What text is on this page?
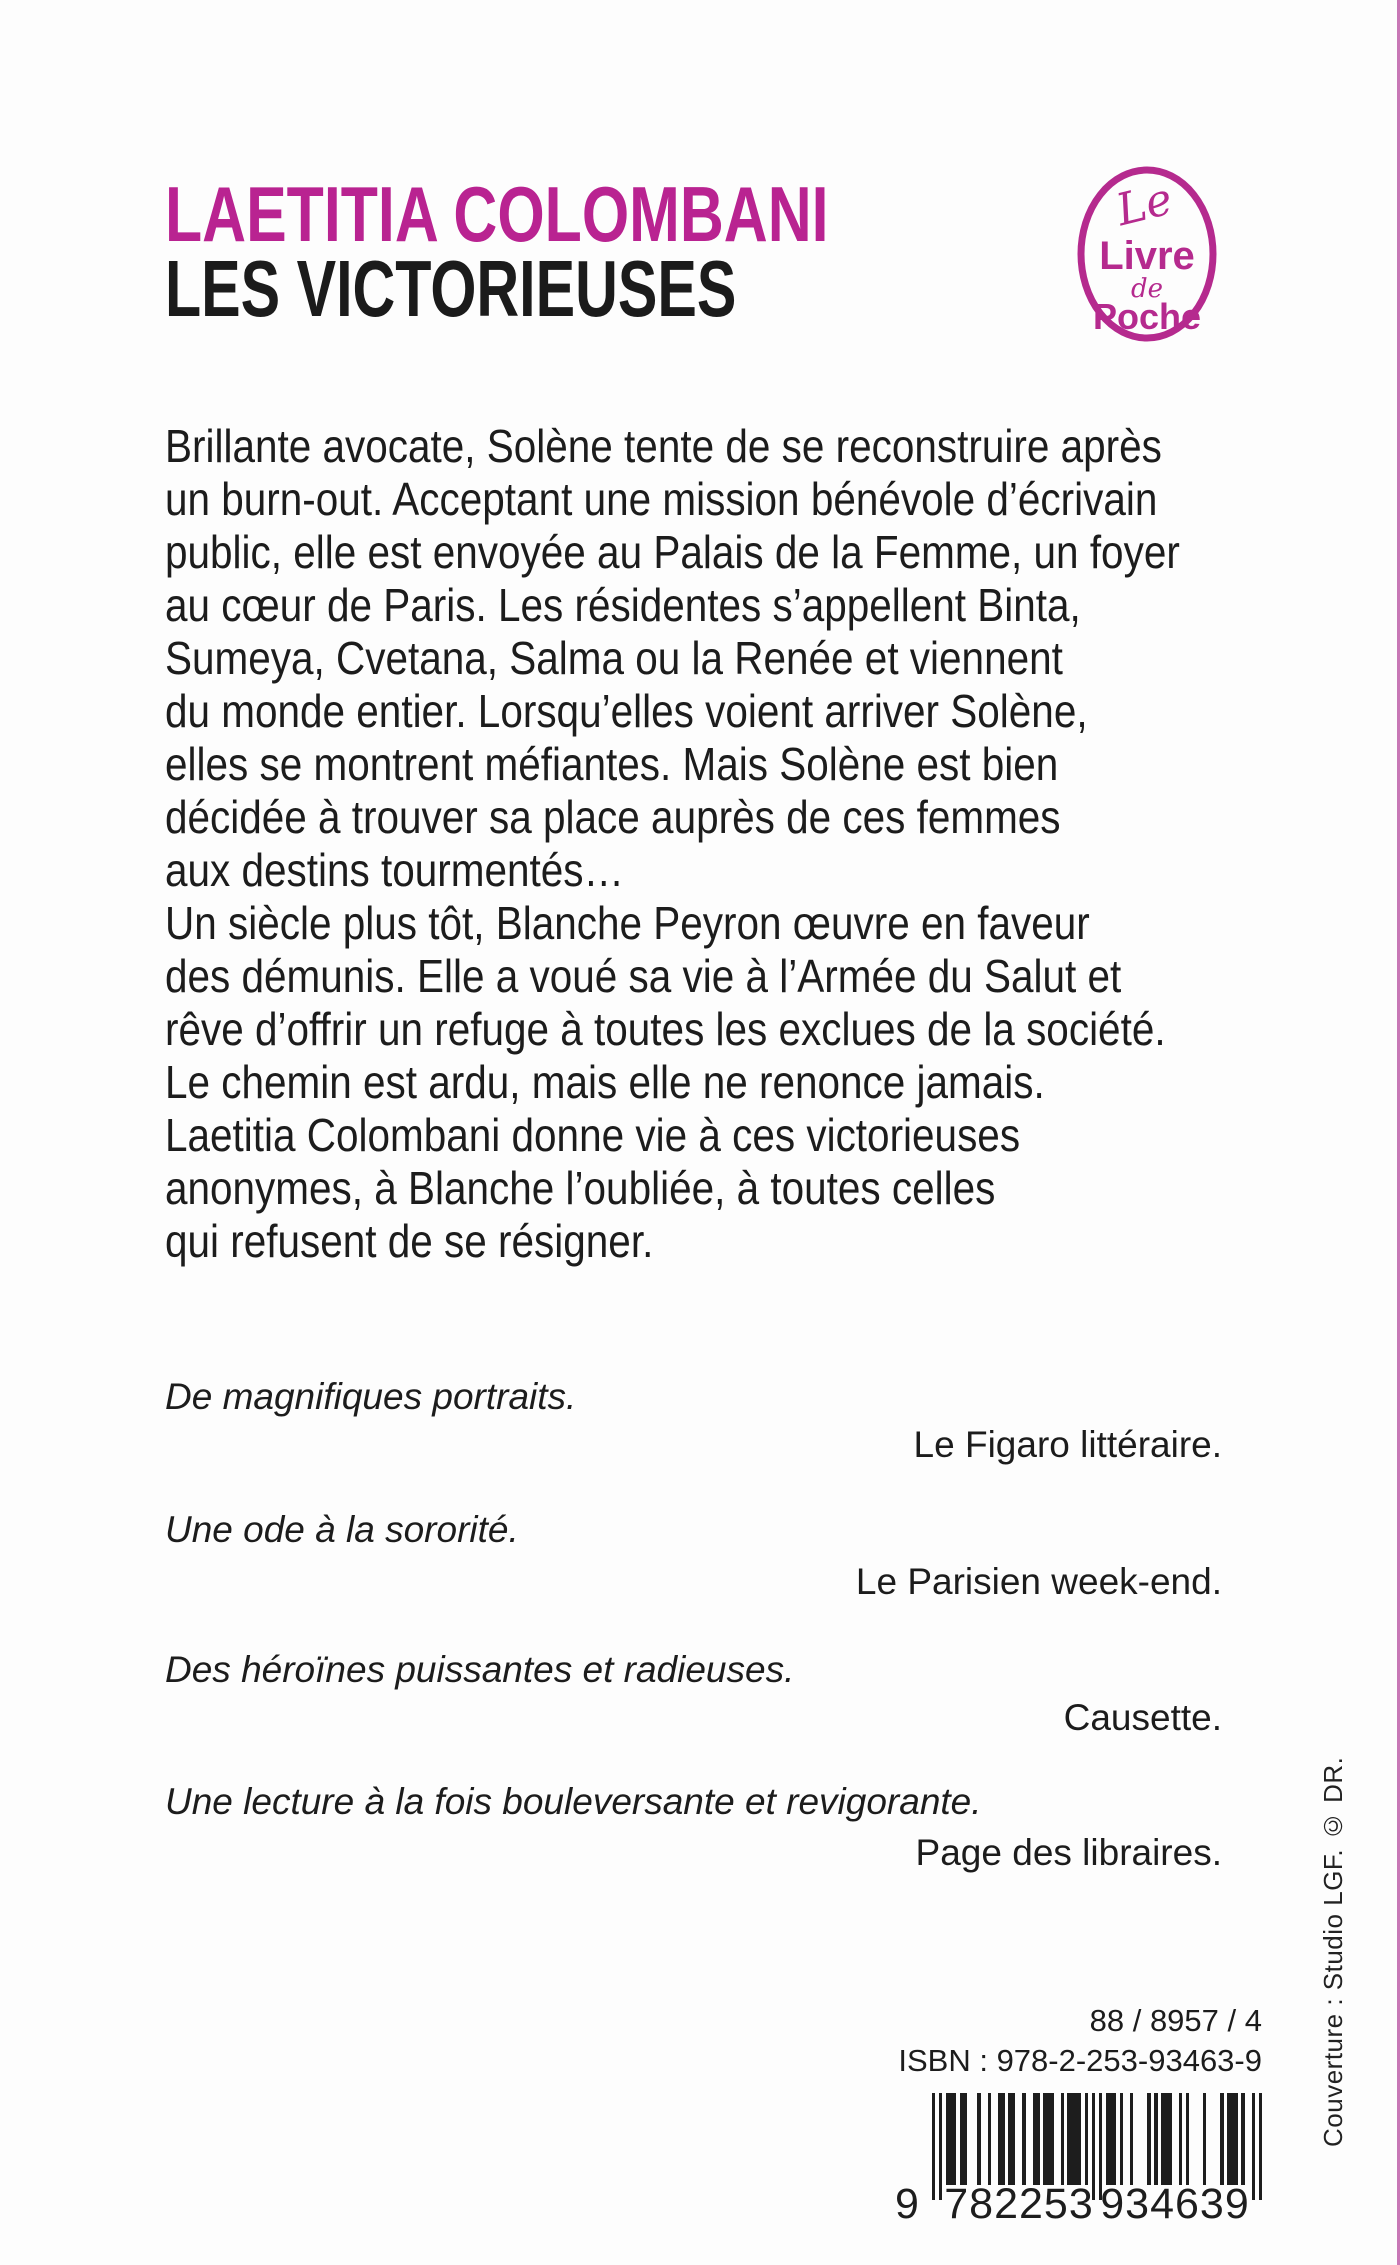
LAETITIA COLOMBANI
LES VICTORIEUSES
Le
Livre
de
Poche
Brillante avocate, Solène tente de se reconstruire après
un burn-out. Acceptant une mission bénévole d’écrivain
public, elle est envoyée au Palais de la Femme, un foyer
au cœur de Paris. Les résidentes s’appellent Binta,
Sumeya, Cvetana, Salma ou la Renée et viennent
du monde entier. Lorsqu’elles voient arriver Solène,
elles se montrent méfiantes. Mais Solène est bien
décidée à trouver sa place auprès de ces femmes
aux destins tourmentés…
Un siècle plus tôt, Blanche Peyron œuvre en faveur
des démunis. Elle a voué sa vie à l’Armée du Salut et
rêve d’offrir un refuge à toutes les exclues de la société.
Le chemin est ardu, mais elle ne renonce jamais.
Laetitia Colombani donne vie à ces victorieuses
anonymes, à Blanche l’oubliée, à toutes celles
qui refusent de se résigner.
De magnifiques portraits.
Le Figaro littéraire.
Une ode à la sororité.
Le Parisien week-end.
Des héroïnes puissantes et radieuses.
Causette.
Une lecture à la fois bouleversante et revigorante.
Page des libraires.	Couverture : Studio LGF. © DR.
88 / 8957 / 4
ISBN : 978-2-253-93463-9
9 782253 934639
